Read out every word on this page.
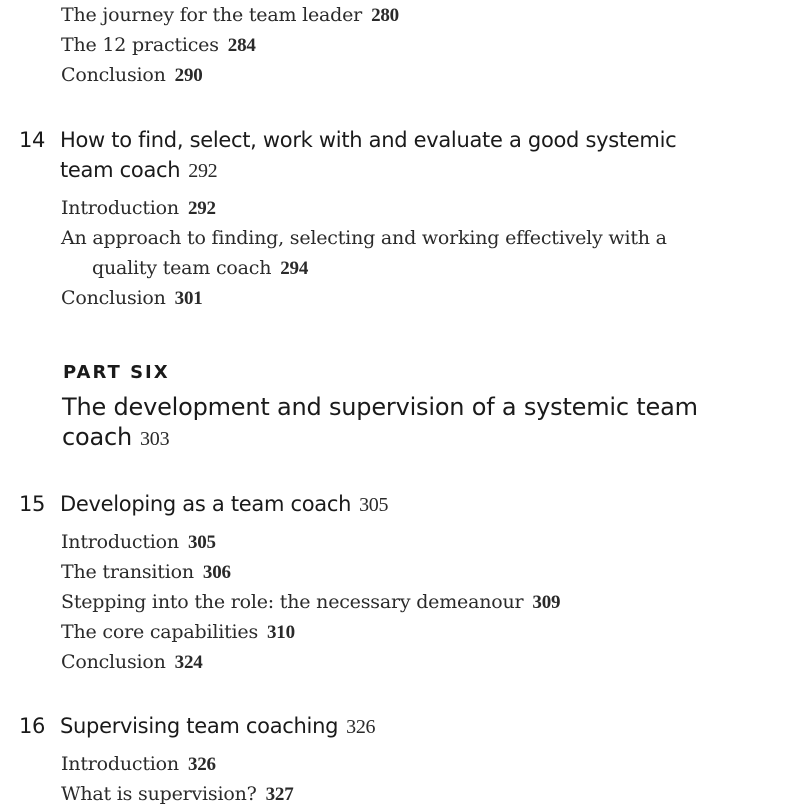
The journey for the team leader 280
The 12 practices 284
Conclusion 290
14 How to find, select, work with and evaluate a good systemic
team coach 292
Introduction 292
An approach to finding, selecting and working effectively with a
quality team coach 294
Conclusion 301
PART SIX
The development and supervision of a systemic team
coach 303
15 Developing as a team coach 305
Introduction 305
The transition 306
Stepping into the role: the necessary demeanour 309
The core capabilities 310
Conclusion 324
16 Supervising team coaching 326
Introduction 326
What is supervision? 327
